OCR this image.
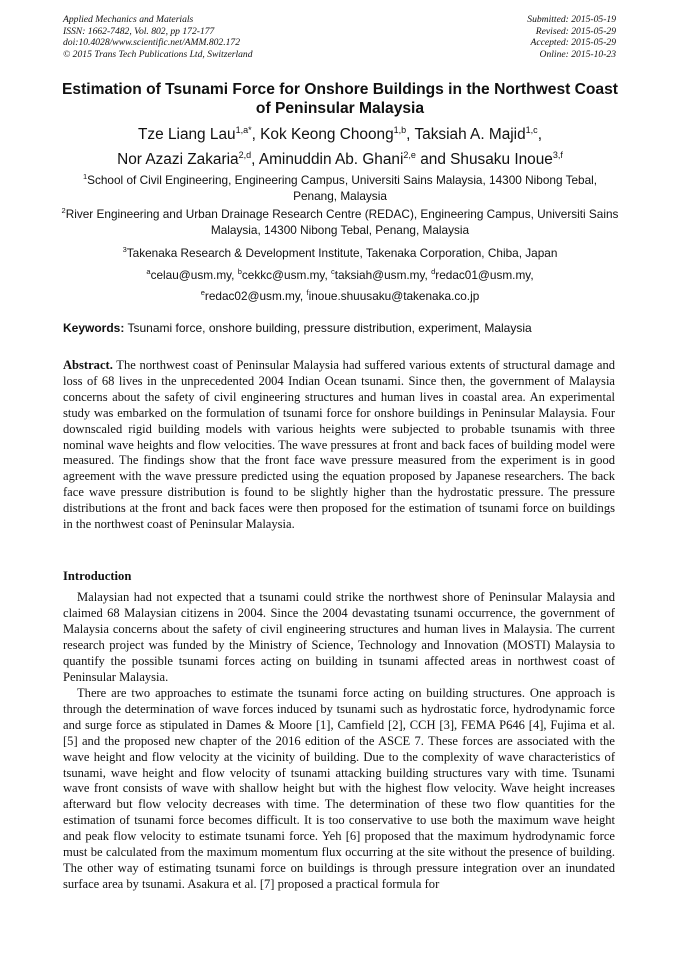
Applied Mechanics and Materials
ISSN: 1662-7482, Vol. 802, pp 172-177
doi:10.4028/www.scientific.net/AMM.802.172
© 2015 Trans Tech Publications Ltd, Switzerland
Submitted: 2015-05-19
Revised: 2015-05-29
Accepted: 2015-05-29
Online: 2015-10-23
Estimation of Tsunami Force for Onshore Buildings in the Northwest Coast of Peninsular Malaysia
Tze Liang Lau$^{1,a*}$, Kok Keong Choong$^{1,b}$, Taksiah A. Majid$^{1,c}$,
Nor Azazi Zakaria$^{2,d}$, Aminuddin Ab. Ghani$^{2,e}$ and Shusaku Inoue$^{3,f}$
$^1$School of Civil Engineering, Engineering Campus, Universiti Sains Malaysia, 14300 Nibong Tebal, Penang, Malaysia
$^2$River Engineering and Urban Drainage Research Centre (REDAC), Engineering Campus, Universiti Sains Malaysia, 14300 Nibong Tebal, Penang, Malaysia
$^3$Takenaka Research & Development Institute, Takenaka Corporation, Chiba, Japan
$^a$celau@usm.my, $^b$cekkc@usm.my, $^c$taksiah@usm.my, $^d$redac01@usm.my,
$^e$redac02@usm.my, $^f$inoue.shuusaku@takenaka.co.jp
Keywords: Tsunami force, onshore building, pressure distribution, experiment, Malaysia
Abstract. The northwest coast of Peninsular Malaysia had suffered various extents of structural damage and loss of 68 lives in the unprecedented 2004 Indian Ocean tsunami. Since then, the government of Malaysia concerns about the safety of civil engineering structures and human lives in coastal area. An experimental study was embarked on the formulation of tsunami force for onshore buildings in Peninsular Malaysia. Four downscaled rigid building models with various heights were subjected to probable tsunamis with three nominal wave heights and flow velocities. The wave pressures at front and back faces of building model were measured. The findings show that the front face wave pressure measured from the experiment is in good agreement with the wave pressure predicted using the equation proposed by Japanese researchers. The back face wave pressure distribution is found to be slightly higher than the hydrostatic pressure. The pressure distributions at the front and back faces were then proposed for the estimation of tsunami force on buildings in the northwest coast of Peninsular Malaysia.
Introduction

Malaysian had not expected that a tsunami could strike the northwest shore of Peninsular Malaysia and claimed 68 Malaysian citizens in 2004. Since the 2004 devastating tsunami occurrence, the government of Malaysia concerns about the safety of civil engineering structures and human lives in Malaysia. The current research project was funded by the Ministry of Science, Technology and Innovation (MOSTI) Malaysia to quantify the possible tsunami forces acting on building in tsunami affected areas in northwest coast of Peninsular Malaysia.

There are two approaches to estimate the tsunami force acting on building structures. One approach is through the determination of wave forces induced by tsunami such as hydrostatic force, hydrodynamic force and surge force as stipulated in Dames & Moore [1], Camfield [2], CCH [3], FEMA P646 [4], Fujima et al. [5] and the proposed new chapter of the 2016 edition of the ASCE 7. These forces are associated with the wave height and flow velocity at the vicinity of building. Due to the complexity of wave characteristics of tsunami, wave height and flow velocity of tsunami attacking building structures vary with time. Tsunami wave front consists of wave with shallow height but with the highest flow velocity. Wave height increases afterward but flow velocity decreases with time. The determination of these two flow quantities for the estimation of tsunami force becomes difficult. It is too conservative to use both the maximum wave height and peak flow velocity to estimate tsunami force. Yeh [6] proposed that the maximum hydrodynamic force must be calculated from the maximum momentum flux occurring at the site without the presence of building. The other way of estimating tsunami force on buildings is through pressure integration over an inundated surface area by tsunami. Asakura et al. [7] proposed a practical formula for
